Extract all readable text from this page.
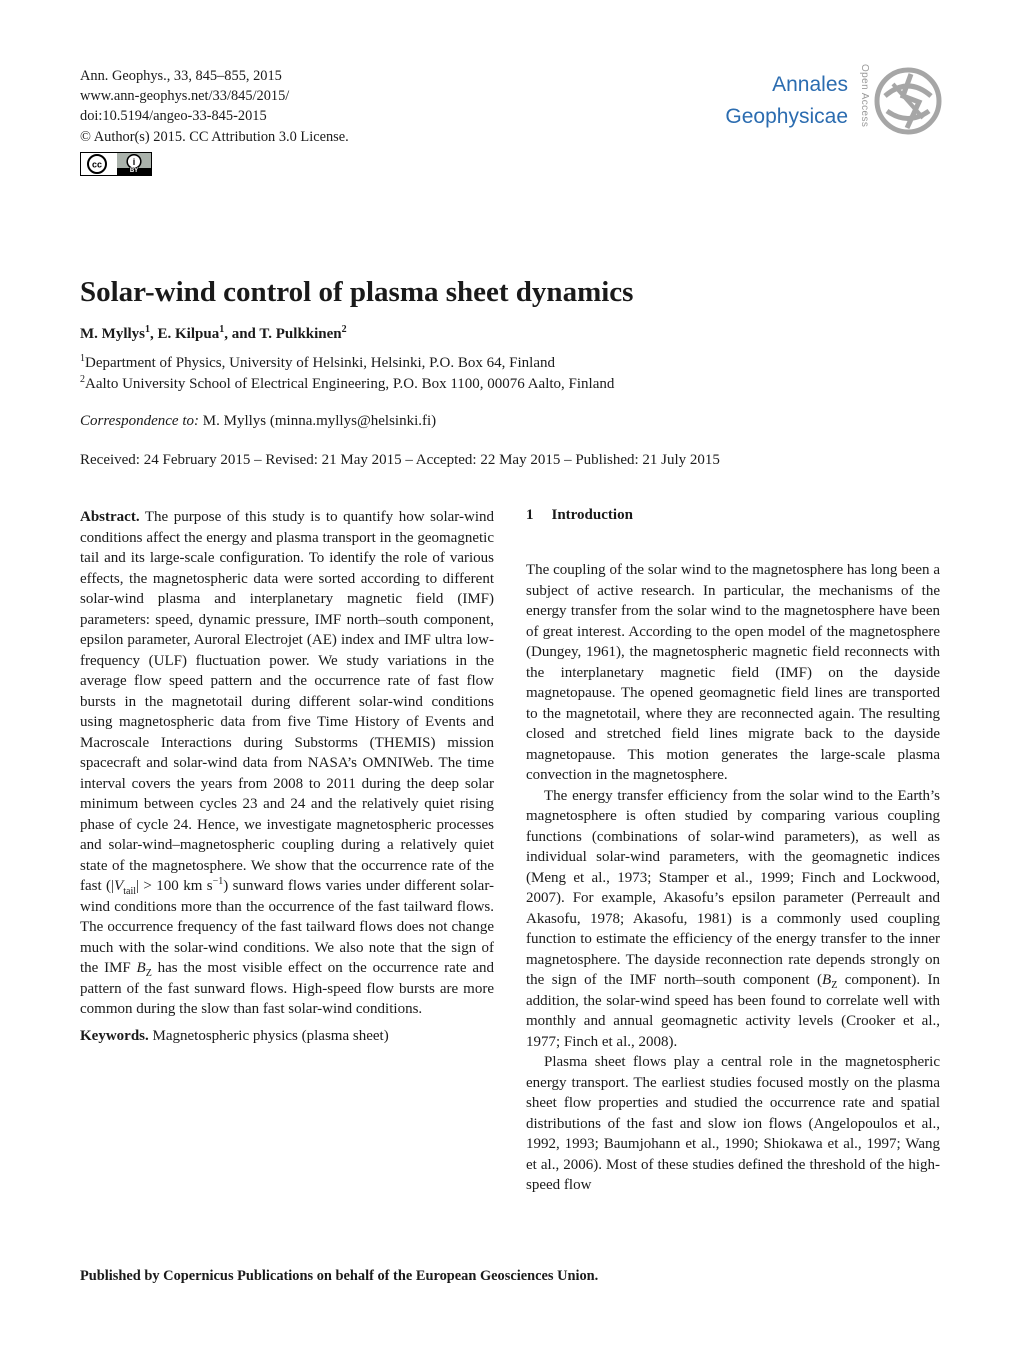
Ann. Geophys., 33, 845–855, 2015
www.ann-geophys.net/33/845/2015/
doi:10.5194/angeo-33-845-2015
© Author(s) 2015. CC Attribution 3.0 License.
cc	i
BY
Annales
Geophysicae Open Access
Solar-wind control of plasma sheet dynamics
M. Myllys$^1$, E. Kilpua$^1$, and T. Pulkkinen$^2$
$^1$Department of Physics, University of Helsinki, Helsinki, P.O. Box 64, Finland
$^2$Aalto University School of Electrical Engineering, P.O. Box 1100, 00076 Aalto, Finland
Correspondence to: M. Myllys (minna.myllys@helsinki.fi)
Received: 24 February 2015 – Revised: 21 May 2015 – Accepted: 22 May 2015 – Published: 21 July 2015

Abstract. The purpose of this study is to quantify how solar-wind conditions affect the energy and plasma transport in the geomagnetic tail and its large-scale configuration. To identify the role of various effects, the magnetospheric data were sorted according to different solar-wind plasma and interplanetary magnetic field (IMF) parameters: speed, dynamic pressure, IMF north–south component, epsilon parameter, Auroral Electrojet (AE) index and IMF ultra low-frequency (ULF) fluctuation power. We study variations in the average flow speed pattern and the occurrence rate of fast flow bursts in the magnetotail during different solar-wind conditions using magnetospheric data from five Time History of Events and Macroscale Interactions during Substorms (THEMIS) mission spacecraft and solar-wind data from NASA’s OMNIWeb. The time interval covers the years from 2008 to 2011 during the deep solar minimum between cycles 23 and 24 and the relatively quiet rising phase of cycle 24. Hence, we investigate magnetospheric processes and solar-wind–magnetospheric coupling during a relatively quiet state of the magnetosphere. We show that the occurrence rate of the fast ($|V_{tail}| > 100$ km $s^{-1}$) sunward flows varies under different solar-wind conditions more than the occurrence of the fast tailward flows. The occurrence frequency of the fast tailward flows does not change much with the solar-wind conditions. We also note that the sign of the IMF $B_Z$ has the most visible effect on the occurrence rate and pattern of the fast sunward flows. High-speed flow bursts are more common during the slow than fast solar-wind conditions.

Keywords. Magnetospheric physics (plasma sheet)

1 Introduction

The coupling of the solar wind to the magnetosphere has long been a subject of active research. In particular, the mechanisms of the energy transfer from the solar wind to the magnetosphere have been of great interest. According to the open model of the magnetosphere (Dungey, 1961), the magnetospheric magnetic field reconnects with the interplanetary magnetic field (IMF) on the dayside magnetopause. The opened geomagnetic field lines are transported to the magnetotail, where they are reconnected again. The resulting closed and stretched field lines migrate back to the dayside magnetopause. This motion generates the large-scale plasma convection in the magnetosphere.

The energy transfer efficiency from the solar wind to the Earth’s magnetosphere is often studied by comparing various coupling functions (combinations of solar-wind parameters), as well as individual solar-wind parameters, with the geomagnetic indices (Meng et al., 1973; Stamper et al., 1999; Finch and Lockwood, 2007). For example, Akasofu’s epsilon parameter (Perreault and Akasofu, 1978; Akasofu, 1981) is a commonly used coupling function to estimate the efficiency of the energy transfer to the inner magnetosphere. The dayside reconnection rate depends strongly on the sign of the IMF north–south component ($B_Z$ component). In addition, the solar-wind speed has been found to correlate well with monthly and annual geomagnetic activity levels (Crooker et al., 1977; Finch et al., 2008).

Plasma sheet flows play a central role in the magnetospheric energy transport. The earliest studies focused mostly on the plasma sheet flow properties and studied the occurrence rate and spatial distributions of the fast and slow ion flows (Angelopoulos et al., 1992, 1993; Baumjohann et al., 1990; Shiokawa et al., 1997; Wang et al., 2006). Most of these studies defined the threshold of the high-speed flow

Published by Copernicus Publications on behalf of the European Geosciences Union.
